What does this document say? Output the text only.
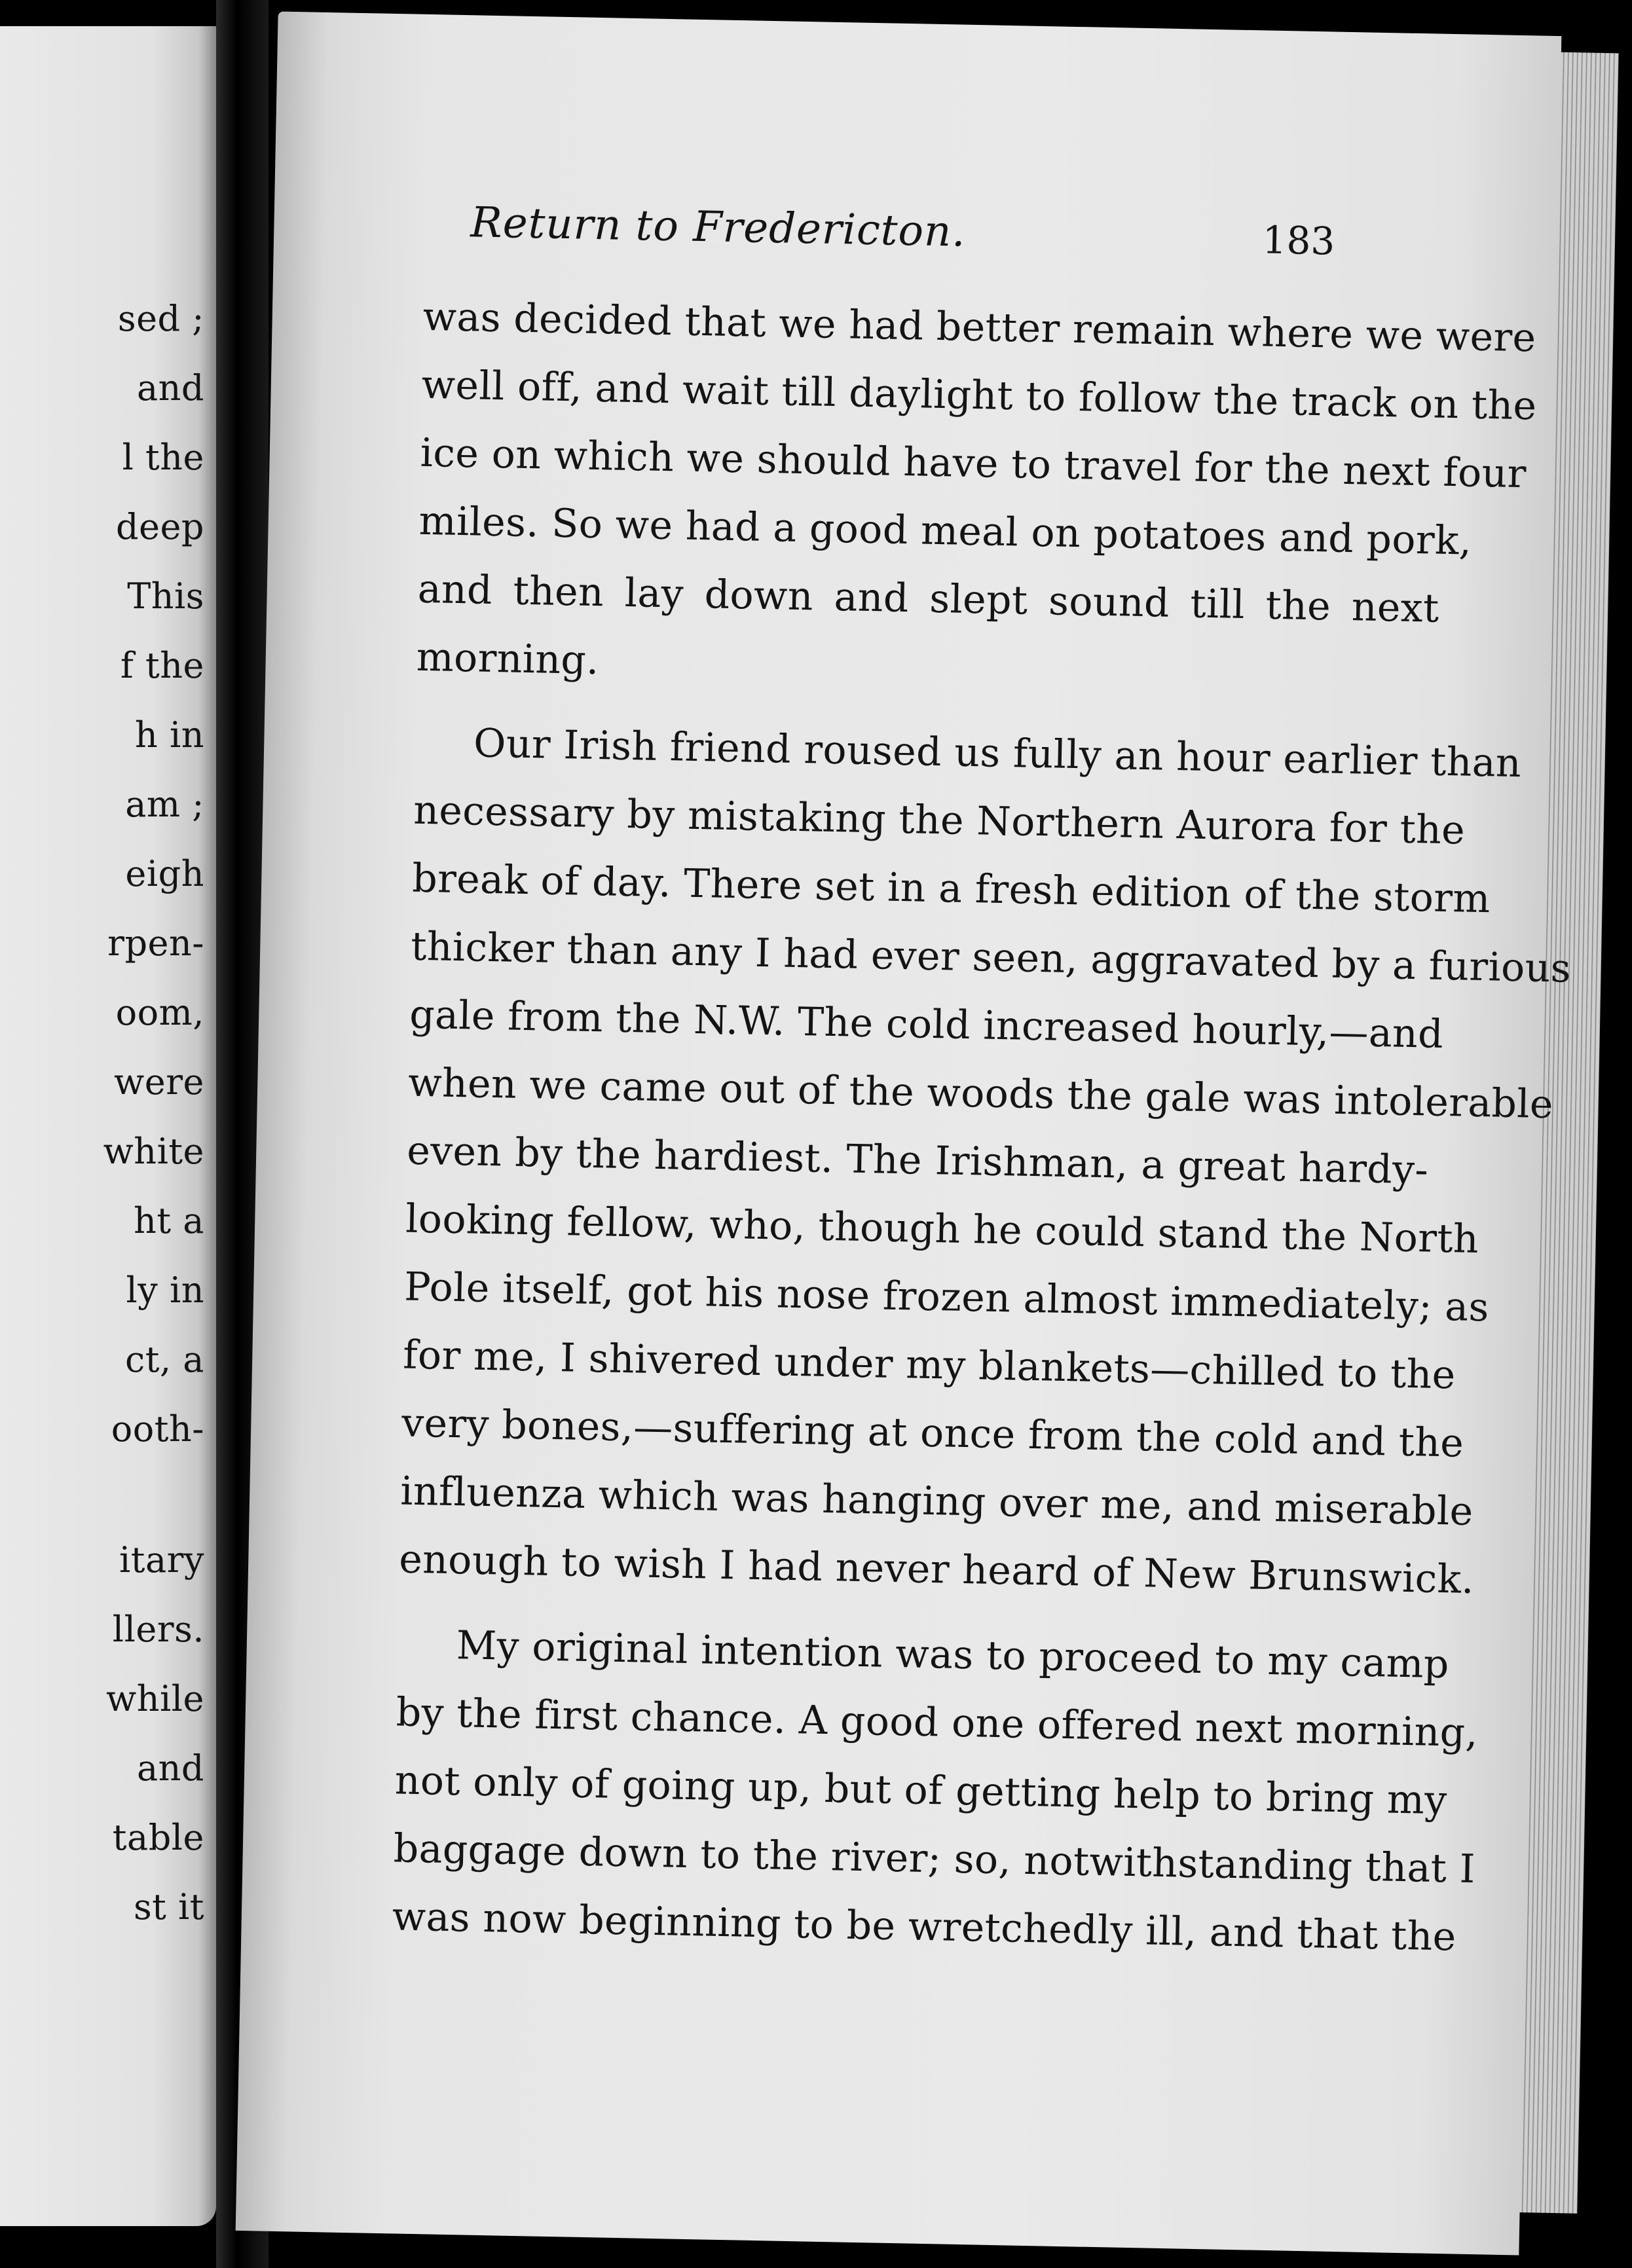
sed ;
and
l the
deep
This
f the
h in
am ;
eigh
rpen-
oom,
were
white
ht a
ly in
ct, a
ooth-
itary
llers.
while
and
table
st it
Return to Fredericton.	183
was decided that we had better remain where we were
well off, and wait till daylight to follow the track on the
ice on which we should have to travel for the next four
miles. So we had a good meal on potatoes and pork,
and then lay down and slept sound till the next
morning.
Our Irish friend roused us fully an hour earlier than
necessary by mistaking the Northern Aurora for the
break of day. There set in a fresh edition of the storm
thicker than any I had ever seen, aggravated by a furious
gale from the N.W. The cold increased hourly,—and
when we came out of the woods the gale was intolerable
even by the hardiest. The Irishman, a great hardy-
looking fellow, who, though he could stand the North
Pole itself, got his nose frozen almost immediately; as
for me, I shivered under my blankets—chilled to the
very bones,—suffering at once from the cold and the
influenza which was hanging over me, and miserable
enough to wish I had never heard of New Brunswick.
My original intention was to proceed to my camp
by the first chance. A good one offered next morning,
not only of going up, but of getting help to bring my
baggage down to the river; so, notwithstanding that I
was now beginning to be wretchedly ill, and that the
